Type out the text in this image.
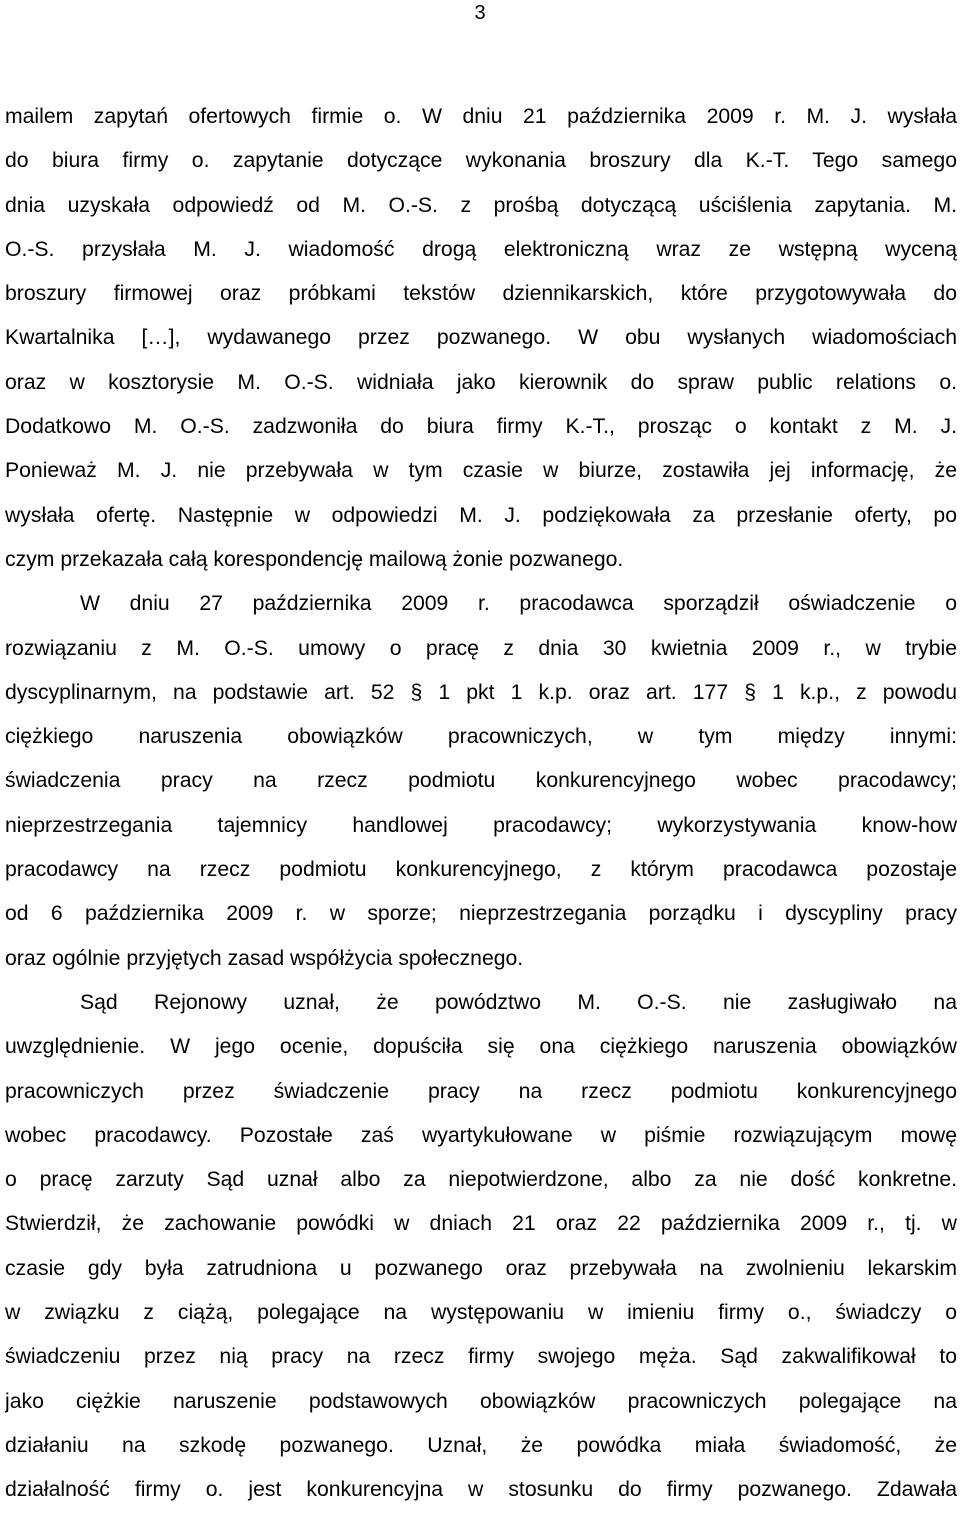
3
mailem zapytań ofertowych firmie o. W dniu 21 października 2009 r. M. J. wysłała
do biura firmy o. zapytanie dotyczące wykonania broszury dla K.-T. Tego samego
dnia uzyskała odpowiedź od M. O.-S. z prośbą dotyczącą uściślenia zapytania. M.
O.-S. przysłała M. J. wiadomość drogą elektroniczną wraz ze wstępną wyceną
broszury firmowej oraz próbkami tekstów dziennikarskich, które przygotowywała do
Kwartalnika […], wydawanego przez pozwanego. W obu wysłanych wiadomościach
oraz w kosztorysie M. O.-S. widniała jako kierownik do spraw public relations o.
Dodatkowo M. O.-S. zadzwoniła do biura firmy K.-T., prosząc o kontakt z M. J.
Ponieważ M. J. nie przebywała w tym czasie w biurze, zostawiła jej informację, że
wysłała ofertę. Następnie w odpowiedzi M. J. podziękowała za przesłanie oferty, po
czym przekazała całą korespondencję mailową żonie pozwanego.
W dniu 27 października 2009 r. pracodawca sporządził oświadczenie o
rozwiązaniu z M. O.-S. umowy o pracę z dnia 30 kwietnia 2009 r., w trybie
dyscyplinarnym, na podstawie art. 52 § 1 pkt 1 k.p. oraz art. 177 § 1 k.p., z powodu
ciężkiego naruszenia obowiązków pracowniczych, w tym między innymi:
świadczenia pracy na rzecz podmiotu konkurencyjnego wobec pracodawcy;
nieprzestrzegania tajemnicy handlowej pracodawcy; wykorzystywania know-how
pracodawcy na rzecz podmiotu konkurencyjnego, z którym pracodawca pozostaje
od 6 października 2009 r. w sporze; nieprzestrzegania porządku i dyscypliny pracy
oraz ogólnie przyjętych zasad współżycia społecznego.
Sąd Rejonowy uznał, że powództwo M. O.-S. nie zasługiwało na
uwzględnienie. W jego ocenie, dopuściła się ona ciężkiego naruszenia obowiązków
pracowniczych przez świadczenie pracy na rzecz podmiotu konkurencyjnego
wobec pracodawcy. Pozostałe zaś wyartykułowane w piśmie rozwiązującym mowę
o pracę zarzuty Sąd uznał albo za niepotwierdzone, albo za nie dość konkretne.
Stwierdził, że zachowanie powódki w dniach 21 oraz 22 października 2009 r., tj. w
czasie gdy była zatrudniona u pozwanego oraz przebywała na zwolnieniu lekarskim
w związku z ciążą, polegające na występowaniu w imieniu firmy o., świadczy o
świadczeniu przez nią pracy na rzecz firmy swojego męża. Sąd zakwalifikował to
jako ciężkie naruszenie podstawowych obowiązków pracowniczych polegające na
działaniu na szkodę pozwanego. Uznał, że powódka miała świadomość, że
działalność firmy o. jest konkurencyjna w stosunku do firmy pozwanego. Zdawała
